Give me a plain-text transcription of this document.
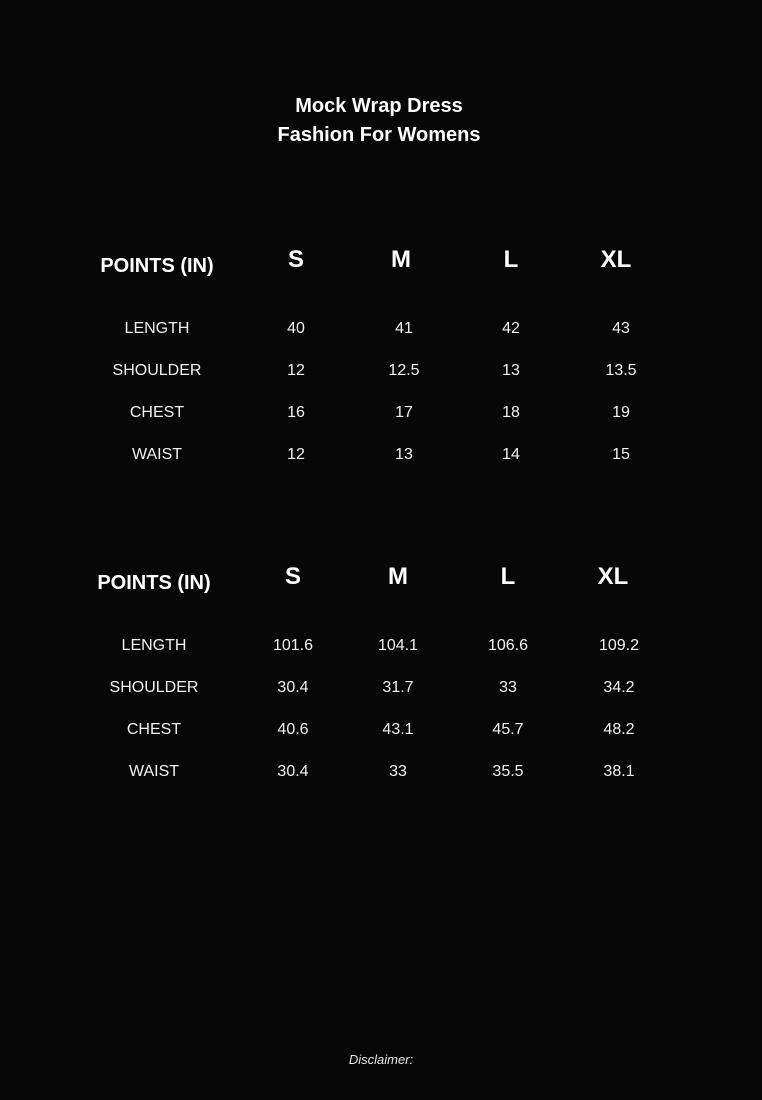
Mock Wrap Dress
Fashion For Womens
POINTS (IN)	S	M	L	XL
LENGTH	40	41	42	43
SHOULDER	12	12.5	13	13.5
CHEST	16	17	18	19
WAIST	12	13	14	15
POINTS (IN)	S	M	L	XL
LENGTH	101.6	104.1	106.6	109.2
SHOULDER	30.4	31.7	33	34.2
CHEST	40.6	43.1	45.7	48.2
WAIST	30.4	33	35.5	38.1
Disclaimer:
